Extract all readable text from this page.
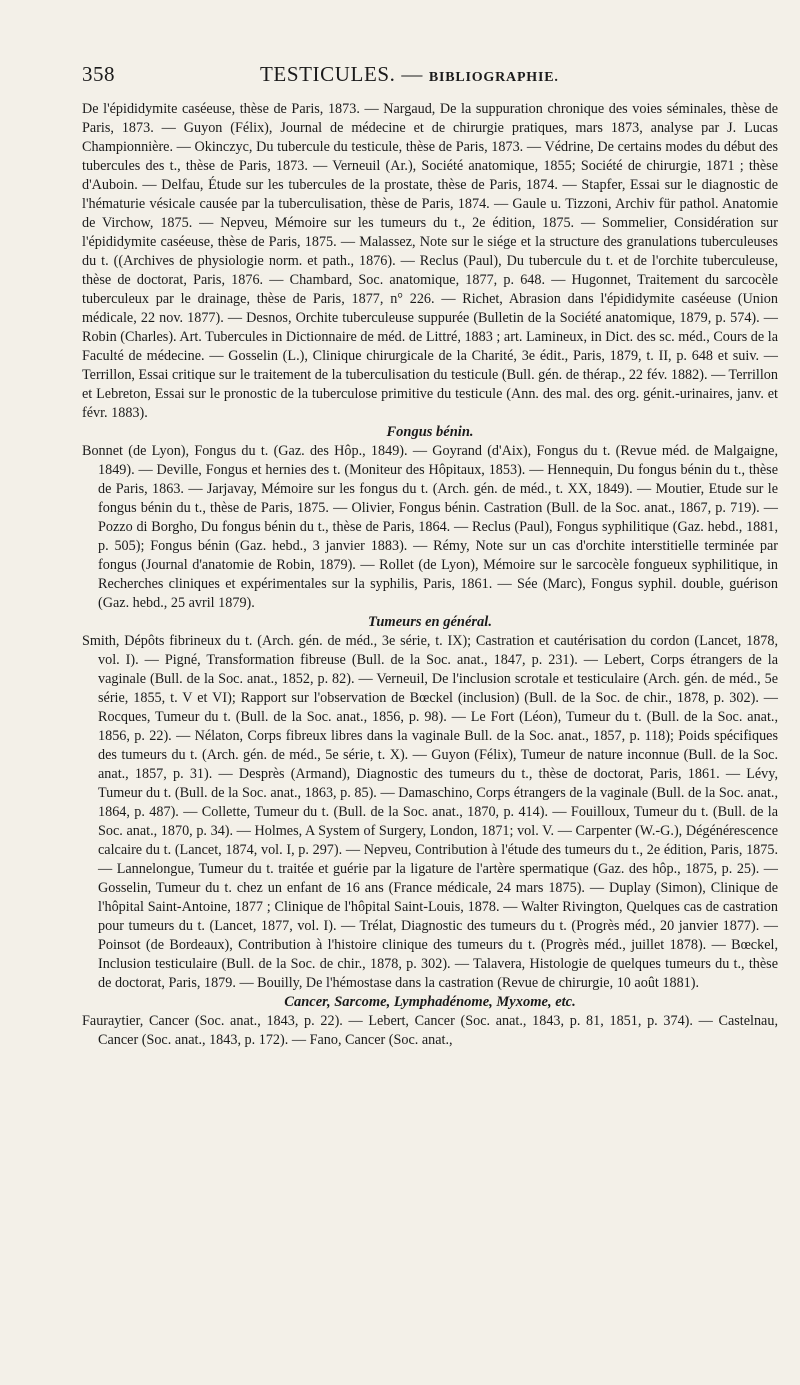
358	TESTICULES. — BIBLIOGRAPHIE.

De l'épididymite caséeuse, thèse de Paris, 1873. — Nargaud, De la suppuration chronique des voies séminales, thèse de Paris, 1873. — Guyon (Félix), Journal de médecine et de chirurgie pratiques, mars 1873, analyse par J. Lucas Championnière. — Okinczyc, Du tubercule du testicule, thèse de Paris, 1873. — Védrine, De certains modes du début des tubercules des t., thèse de Paris, 1873. — Verneuil (Ar.), Société anatomique, 1855; Société de chirurgie, 1871 ; thèse d'Auboin. — Delfau, Étude sur les tubercules de la prostate, thèse de Paris, 1874. — Stapfer, Essai sur le diagnostic de l'hématurie vésicale causée par la tuberculisation, thèse de Paris, 1874. — Gaule u. Tizzoni, Archiv für pathol. Anatomie de Virchow, 1875. — Nepveu, Mémoire sur les tumeurs du t., 2e édition, 1875. — Sommelier, Considération sur l'épididymite caséeuse, thèse de Paris, 1875. — Malassez, Note sur le siége et la structure des granulations tuberculeuses du t. ((Archives de physiologie norm. et path., 1876). — Reclus (Paul), Du tubercule du t. et de l'orchite tuberculeuse, thèse de doctorat, Paris, 1876. — Chambard, Soc. anatomique, 1877, p. 648. — Hugonnet, Traitement du sarcocèle tuberculeux par le drainage, thèse de Paris, 1877, n° 226. — Richet, Abrasion dans l'épididymite caséeuse (Union médicale, 22 nov. 1877). — Desnos, Orchite tuberculeuse suppurée (Bulletin de la Société anatomique, 1879, p. 574). — Robin (Charles). Art. Tubercules in Dictionnaire de méd. de Littré, 1883 ; art. Lamineux, in Dict. des sc. méd., Cours de la Faculté de médecine. — Gosselin (L.), Clinique chirurgicale de la Charité, 3e édit., Paris, 1879, t. II, p. 648 et suiv. — Terrillon, Essai critique sur le traitement de la tuberculisation du testicule (Bull. gén. de thérap., 22 fév. 1882). — Terrillon et Lebreton, Essai sur le pronostic de la tuberculose primitive du testicule (Ann. des mal. des org. génit.-urinaires, janv. et févr. 1883).

Fongus bénin.

Bonnet (de Lyon), Fongus du t. (Gaz. des Hôp., 1849). — Goyrand (d'Aix), Fongus du t. (Revue méd. de Malgaigne, 1849). — Deville, Fongus et hernies des t. (Moniteur des Hôpitaux, 1853). — Hennequin, Du fongus bénin du t., thèse de Paris, 1863. — Jarjavay, Mémoire sur les fongus du t. (Arch. gén. de méd., t. XX, 1849). — Moutier, Etude sur le fongus bénin du t., thèse de Paris, 1875. — Olivier, Fongus bénin. Castration (Bull. de la Soc. anat., 1867, p. 719). — Pozzo di Borgho, Du fongus bénin du t., thèse de Paris, 1864. — Reclus (Paul), Fongus syphilitique (Gaz. hebd., 1881, p. 505); Fongus bénin (Gaz. hebd., 3 janvier 1883). — Rémy, Note sur un cas d'orchite interstitielle terminée par fongus (Journal d'anatomie de Robin, 1879). — Rollet (de Lyon), Mémoire sur le sarcocèle fongueux syphilitique, in Recherches cliniques et expérimentales sur la syphilis, Paris, 1861. — Sée (Marc), Fongus syphil. double, guérison (Gaz. hebd., 25 avril 1879).

Tumeurs en général.

Smith, Dépôts fibrineux du t. (Arch. gén. de méd., 3e série, t. IX); Castration et cautérisation du cordon (Lancet, 1878, vol. I). — Pigné, Transformation fibreuse (Bull. de la Soc. anat., 1847, p. 231). — Lebert, Corps étrangers de la vaginale (Bull. de la Soc. anat., 1852, p. 82). — Verneuil, De l'inclusion scrotale et testiculaire (Arch. gén. de méd., 5e série, 1855, t. V et VI); Rapport sur l'observation de Bœckel (inclusion) (Bull. de la Soc. de chir., 1878, p. 302). — Rocques, Tumeur du t. (Bull. de la Soc. anat., 1856, p. 98). — Le Fort (Léon), Tumeur du t. (Bull. de la Soc. anat., 1856, p. 22). — Nélaton, Corps fibreux libres dans la vaginale Bull. de la Soc. anat., 1857, p. 118); Poids spécifiques des tumeurs du t. (Arch. gén. de méd., 5e série, t. X). — Guyon (Félix), Tumeur de nature inconnue (Bull. de la Soc. anat., 1857, p. 31). — Desprès (Armand), Diagnostic des tumeurs du t., thèse de doctorat, Paris, 1861. — Lévy, Tumeur du t. (Bull. de la Soc. anat., 1863, p. 85). — Damaschino, Corps étrangers de la vaginale (Bull. de la Soc. anat., 1864, p. 487). — Collette, Tumeur du t. (Bull. de la Soc. anat., 1870, p. 414). — Fouilloux, Tumeur du t. (Bull. de la Soc. anat., 1870, p. 34). — Holmes, A System of Surgery, London, 1871; vol. V. — Carpenter (W.-G.), Dégénérescence calcaire du t. (Lancet, 1874, vol. I, p. 297). — Nepveu, Contribution à l'étude des tumeurs du t., 2e édition, Paris, 1875. — Lannelongue, Tumeur du t. traitée et guérie par la ligature de l'artère spermatique (Gaz. des hôp., 1875, p. 25). — Gosselin, Tumeur du t. chez un enfant de 16 ans (France médicale, 24 mars 1875). — Duplay (Simon), Clinique de l'hôpital Saint-Antoine, 1877 ; Clinique de l'hôpital Saint-Louis, 1878. — Walter Rivington, Quelques cas de castration pour tumeurs du t. (Lancet, 1877, vol. I). — Trélat, Diagnostic des tumeurs du t. (Progrès méd., 20 janvier 1877). — Poinsot (de Bordeaux), Contribution à l'histoire clinique des tumeurs du t. (Progrès méd., juillet 1878). — Bœckel, Inclusion testiculaire (Bull. de la Soc. de chir., 1878, p. 302). — Talavera, Histologie de quelques tumeurs du t., thèse de doctorat, Paris, 1879. — Bouilly, De l'hémostase dans la castration (Revue de chirurgie, 10 août 1881).

Cancer, Sarcome, Lymphadénome, Myxome, etc.

Fauraytier, Cancer (Soc. anat., 1843, p. 22). — Lebert, Cancer (Soc. anat., 1843, p. 81, 1851, p. 374). — Castelnau, Cancer (Soc. anat., 1843, p. 172). — Fano, Cancer (Soc. anat.,
